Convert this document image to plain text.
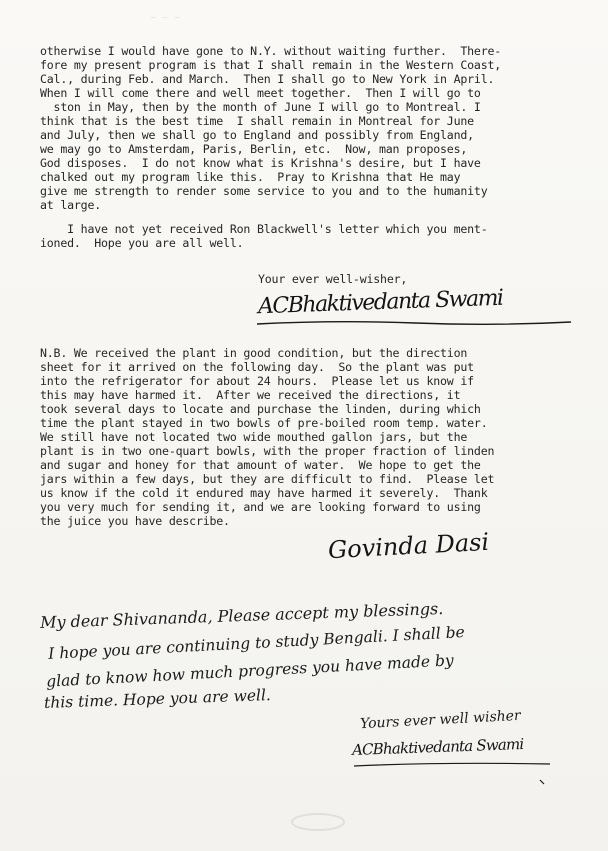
~ ~ ~
otherwise I would have gone to N.Y. without waiting further.  There-
fore my present program is that I shall remain in the Western Coast,
Cal., during Feb. and March.  Then I shall go to New York in April.
When I will come there and well meet together.  Then I will go to
ston in May, then by the month of June I will go to Montreal. I
think that is the best time  I shall remain in Montreal for June
and July, then we shall go to England and possibly from England,
we may go to Amsterdam, Paris, Berlin, etc.  Now, man proposes,
God disposes.  I do not know what is Krishna's desire, but I have
chalked out my program like this.  Pray to Krishna that He may
give me strength to render some service to you and to the humanity
at large.
I have not yet received Ron Blackwell's letter which you ment-
ioned.  Hope you are all well.
Your ever well-wisher,
ACBhaktivedanta Swami
N.B. We received the plant in good condition, but the direction
sheet for it arrived on the following day.  So the plant was put
into the refrigerator for about 24 hours.  Please let us know if
this may have harmed it.  After we received the directions, it
took several days to locate and purchase the linden, during which
time the plant stayed in two bowls of pre-boiled room temp. water.
We still have not located two wide mouthed gallon jars, but the
plant is in two one-quart bowls, with the proper fraction of linden
and sugar and honey for that amount of water.  We hope to get the
jars within a few days, but they are difficult to find.  Please let
us know if the cold it endured may have harmed it severely.  Thank
you very much for sending it, and we are looking forward to using
the juice you have describe.
Govinda Dasi
My dear Shivananda, Please accept my blessings.
I hope you are continuing to study Bengali. I shall be
glad to know how much progress you have made by
this time. Hope you are well.
Yours ever well wisher
ACBhaktivedanta Swami
